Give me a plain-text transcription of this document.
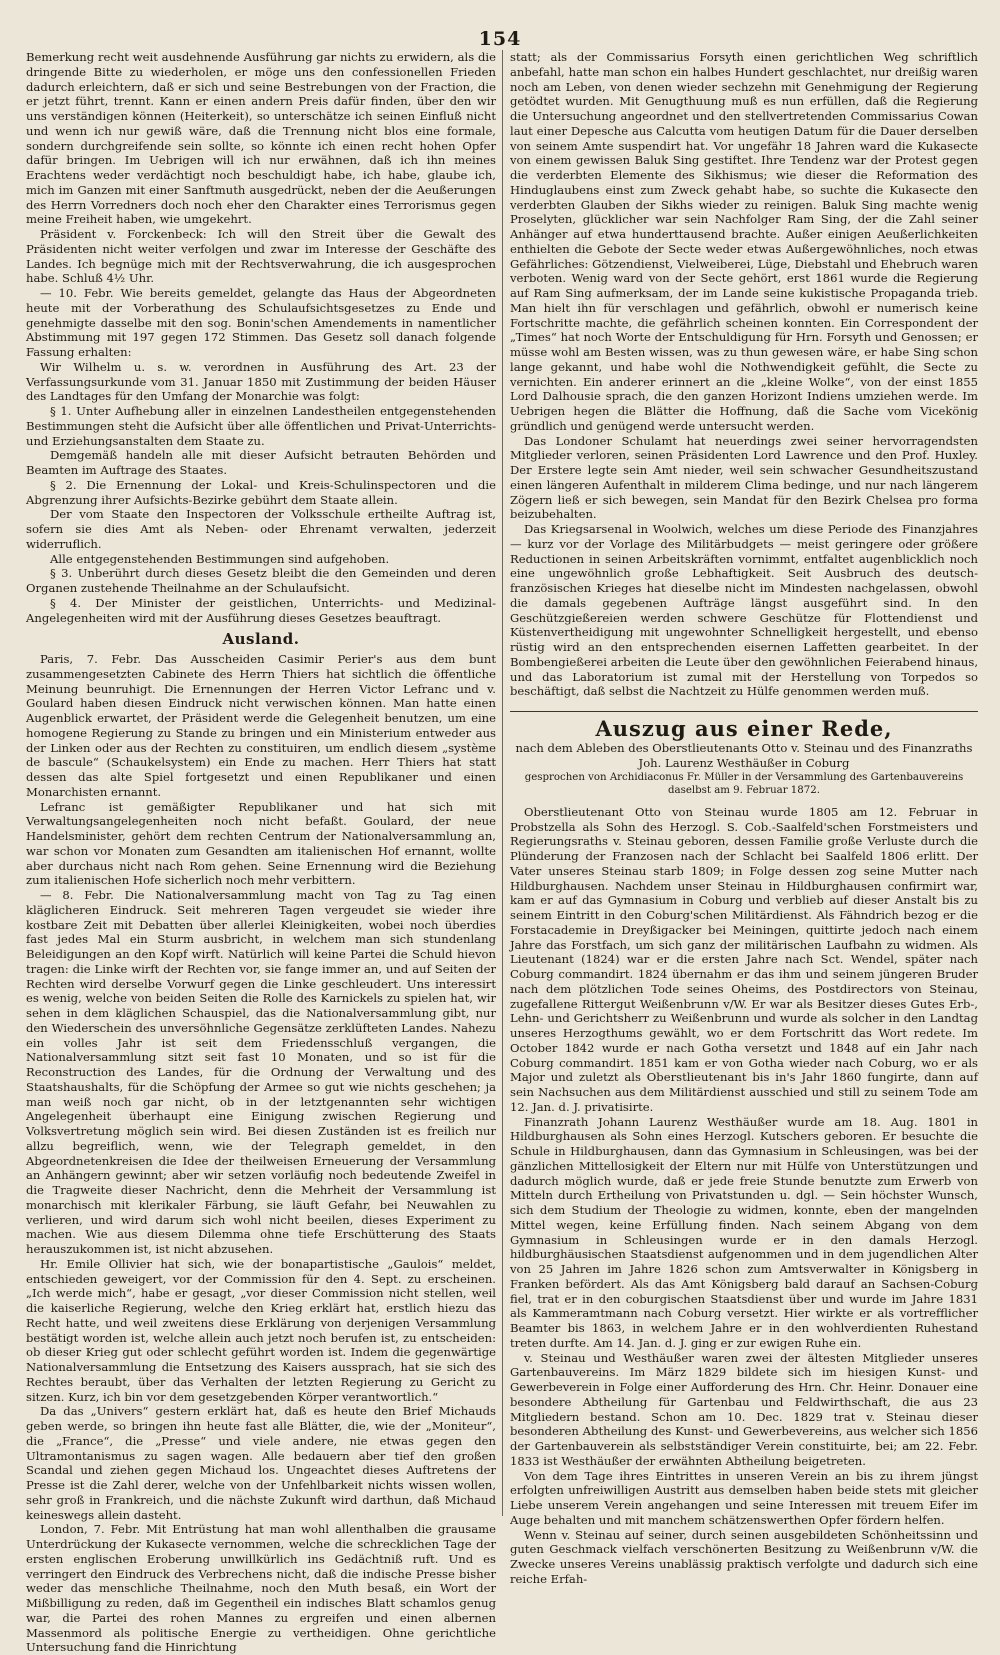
154

Bemerkung recht weit ausdehnende Ausführung gar nichts zu erwidern, als die dringende Bitte zu wiederholen, er möge uns den confessionellen Frieden dadurch erleichtern, daß er sich und seine Bestrebungen von der Fraction, die er jetzt führt, trennt. Kann er einen andern Preis dafür finden, über den wir uns verständigen können (Heiterkeit), so unterschätze ich seinen Einfluß nicht und wenn ich nur gewiß wäre, daß die Trennung nicht blos eine formale, sondern durchgreifende sein sollte, so könnte ich einen recht hohen Opfer dafür bringen. Im Uebrigen will ich nur erwähnen, daß ich ihn meines Erachtens weder verdächtigt noch beschuldigt habe, ich habe, glaube ich, mich im Ganzen mit einer Sanftmuth ausgedrückt, neben der die Aeußerungen des Herrn Vorredners doch noch eher den Charakter eines Terrorismus gegen meine Freiheit haben, wie umgekehrt.

Präsident v. Forckenbeck: Ich will den Streit über die Gewalt des Präsidenten nicht weiter verfolgen und zwar im Interesse der Geschäfte des Landes. Ich begnüge mich mit der Rechtsverwahrung, die ich ausgesprochen habe. Schluß 4½ Uhr.

— 10. Febr. Wie bereits gemeldet, gelangte das Haus der Abgeordneten heute mit der Vorberathung des Schulaufsichtsgesetzes zu Ende und genehmigte dasselbe mit den sog. Bonin'schen Amendements in namentlicher Abstimmung mit 197 gegen 172 Stimmen. Das Gesetz soll danach folgende Fassung erhalten:

Wir Wilhelm u. s. w. verordnen in Ausführung des Art. 23 der Verfassungsurkunde vom 31. Januar 1850 mit Zustimmung der beiden Häuser des Landtages für den Umfang der Monarchie was folgt:

§ 1. Unter Aufhebung aller in einzelnen Landestheilen entgegenstehenden Bestimmungen steht die Aufsicht über alle öffentlichen und Privat-Unterrichts- und Erziehungsanstalten dem Staate zu.

Demgemäß handeln alle mit dieser Aufsicht betrauten Behörden und Beamten im Auftrage des Staates.

§ 2. Die Ernennung der Lokal- und Kreis-Schulinspectoren und die Abgrenzung ihrer Aufsichts-Bezirke gebührt dem Staate allein.

Der vom Staate den Inspectoren der Volksschule ertheilte Auftrag ist, sofern sie dies Amt als Neben- oder Ehrenamt verwalten, jederzeit widerruflich.

Alle entgegenstehenden Bestimmungen sind aufgehoben.

§ 3. Unberührt durch dieses Gesetz bleibt die den Gemeinden und deren Organen zustehende Theilnahme an der Schulaufsicht.

§ 4. Der Minister der geistlichen, Unterrichts- und Medizinal-Angelegenheiten wird mit der Ausführung dieses Gesetzes beauftragt.

Ausland.

Paris, 7. Febr. Das Ausscheiden Casimir Perier's aus dem bunt zusammengesetzten Cabinete des Herrn Thiers hat sichtlich die öffentliche Meinung beunruhigt. Die Ernennungen der Herren Victor Lefranc und v. Goulard haben diesen Eindruck nicht verwischen können. Man hatte einen Augenblick erwartet, der Präsident werde die Gelegenheit benutzen, um eine homogene Regierung zu Stande zu bringen und ein Ministerium entweder aus der Linken oder aus der Rechten zu constituiren, um endlich diesem „système de bascule“ (Schaukelsystem) ein Ende zu machen. Herr Thiers hat statt dessen das alte Spiel fortgesetzt und einen Republikaner und einen Monarchisten ernannt.

Lefranc ist gemäßigter Republikaner und hat sich mit Verwaltungsangelegenheiten noch nicht befaßt. Goulard, der neue Handelsminister, gehört dem rechten Centrum der Nationalversammlung an, war schon vor Monaten zum Gesandten am italienischen Hof ernannt, wollte aber durchaus nicht nach Rom gehen. Seine Ernennung wird die Beziehung zum italienischen Hofe sicherlich noch mehr verbittern.

— 8. Febr. Die Nationalversammlung macht von Tag zu Tag einen kläglicheren Eindruck. Seit mehreren Tagen vergeudet sie wieder ihre kostbare Zeit mit Debatten über allerlei Kleinigkeiten, wobei noch überdies fast jedes Mal ein Sturm ausbricht, in welchem man sich stundenlang Beleidigungen an den Kopf wirft. Natürlich will keine Partei die Schuld hievon tragen: die Linke wirft der Rechten vor, sie fange immer an, und auf Seiten der Rechten wird derselbe Vorwurf gegen die Linke geschleudert. Uns interessirt es wenig, welche von beiden Seiten die Rolle des Karnickels zu spielen hat, wir sehen in dem kläglichen Schauspiel, das die Nationalversammlung gibt, nur den Wiederschein des unversöhnliche Gegensätze zerklüfteten Landes. Nahezu ein volles Jahr ist seit dem Friedensschluß vergangen, die Nationalversammlung sitzt seit fast 10 Monaten, und so ist für die Reconstruction des Landes, für die Ordnung der Verwaltung und des Staatshaushalts, für die Schöpfung der Armee so gut wie nichts geschehen; ja man weiß noch gar nicht, ob in der letztgenannten sehr wichtigen Angelegenheit überhaupt eine Einigung zwischen Regierung und Volksvertretung möglich sein wird. Bei diesen Zuständen ist es freilich nur allzu begreiflich, wenn, wie der Telegraph gemeldet, in den Abgeordnetenkreisen die Idee der theilweisen Erneuerung der Versammlung an Anhängern gewinnt; aber wir setzen vorläufig noch bedeutende Zweifel in die Tragweite dieser Nachricht, denn die Mehrheit der Versammlung ist monarchisch mit klerikaler Färbung, sie läuft Gefahr, bei Neuwahlen zu verlieren, und wird darum sich wohl nicht beeilen, dieses Experiment zu machen. Wie aus diesem Dilemma ohne tiefe Erschütterung des Staats herauszukommen ist, ist nicht abzusehen.

Hr. Emile Ollivier hat sich, wie der bonapartistische „Gaulois“ meldet, entschieden geweigert, vor der Commission für den 4. Sept. zu erscheinen. „Ich werde mich“, habe er gesagt, „vor dieser Commission nicht stellen, weil die kaiserliche Regierung, welche den Krieg erklärt hat, erstlich hiezu das Recht hatte, und weil zweitens diese Erklärung von derjenigen Versammlung bestätigt worden ist, welche allein auch jetzt noch berufen ist, zu entscheiden: ob dieser Krieg gut oder schlecht geführt worden ist. Indem die gegenwärtige Nationalversammlung die Entsetzung des Kaisers aussprach, hat sie sich des Rechtes beraubt, über das Verhalten der letzten Regierung zu Gericht zu sitzen. Kurz, ich bin vor dem gesetzgebenden Körper verantwortlich.“

Da das „Univers“ gestern erklärt hat, daß es heute den Brief Michauds geben werde, so bringen ihn heute fast alle Blätter, die, wie der „Moniteur“, die „France“, die „Presse“ und viele andere, nie etwas gegen den Ultramontanismus zu sagen wagen. Alle bedauern aber tief den großen Scandal und ziehen gegen Michaud los. Ungeachtet dieses Auftretens der Presse ist die Zahl derer, welche von der Unfehlbarkeit nichts wissen wollen, sehr groß in Frankreich, und die nächste Zukunft wird darthun, daß Michaud keineswegs allein dasteht.

London, 7. Febr. Mit Entrüstung hat man wohl allenthalben die grausame Unterdrückung der Kukasecte vernommen, welche die schrecklichen Tage der ersten englischen Eroberung unwillkürlich ins Gedächtniß ruft. Und es verringert den Eindruck des Verbrechens nicht, daß die indische Presse bisher weder das menschliche Theilnahme, noch den Muth besaß, ein Wort der Mißbilligung zu reden, daß im Gegentheil ein indisches Blatt schamlos genug war, die Partei des rohen Mannes zu ergreifen und einen albernen Massenmord als politische Energie zu vertheidigen. Ohne gerichtliche Untersuchung fand die Hinrichtung

statt; als der Commissarius Forsyth einen gerichtlichen Weg schriftlich anbefahl, hatte man schon ein halbes Hundert geschlachtet, nur dreißig waren noch am Leben, von denen wieder sechzehn mit Genehmigung der Regierung getödtet wurden. Mit Genugthuung muß es nun erfüllen, daß die Regierung die Untersuchung angeordnet und den stellvertretenden Commissarius Cowan laut einer Depesche aus Calcutta vom heutigen Datum für die Dauer derselben von seinem Amte suspendirt hat. Vor ungefähr 18 Jahren ward die Kukasecte von einem gewissen Baluk Sing gestiftet. Ihre Tendenz war der Protest gegen die verderbten Elemente des Sikhismus; wie dieser die Reformation des Hinduglaubens einst zum Zweck gehabt habe, so suchte die Kukasecte den verderbten Glauben der Sikhs wieder zu reinigen. Baluk Sing machte wenig Proselyten, glücklicher war sein Nachfolger Ram Sing, der die Zahl seiner Anhänger auf etwa hunderttausend brachte. Außer einigen Aeußerlichkeiten enthielten die Gebote der Secte weder etwas Außergewöhnliches, noch etwas Gefährliches: Götzendienst, Vielweiberei, Lüge, Diebstahl und Ehebruch waren verboten. Wenig ward von der Secte gehört, erst 1861 wurde die Regierung auf Ram Sing aufmerksam, der im Lande seine kukistische Propaganda trieb. Man hielt ihn für verschlagen und gefährlich, obwohl er numerisch keine Fortschritte machte, die gefährlich scheinen konnten. Ein Correspondent der „Times“ hat noch Worte der Entschuldigung für Hrn. Forsyth und Genossen; er müsse wohl am Besten wissen, was zu thun gewesen wäre, er habe Sing schon lange gekannt, und habe wohl die Nothwendigkeit gefühlt, die Secte zu vernichten. Ein anderer erinnert an die „kleine Wolke“, von der einst 1855 Lord Dalhousie sprach, die den ganzen Horizont Indiens umziehen werde. Im Uebrigen hegen die Blätter die Hoffnung, daß die Sache vom Vicekönig gründlich und genügend werde untersucht werden.

Das Londoner Schulamt hat neuerdings zwei seiner hervorragendsten Mitglieder verloren, seinen Präsidenten Lord Lawrence und den Prof. Huxley. Der Erstere legte sein Amt nieder, weil sein schwacher Gesundheitszustand einen längeren Aufenthalt in milderem Clima bedinge, und nur nach längerem Zögern ließ er sich bewegen, sein Mandat für den Bezirk Chelsea pro forma beizubehalten.

Das Kriegsarsenal in Woolwich, welches um diese Periode des Finanzjahres — kurz vor der Vorlage des Militärbudgets — meist geringere oder größere Reductionen in seinen Arbeitskräften vornimmt, entfaltet augenblicklich noch eine ungewöhnlich große Lebhaftigkeit. Seit Ausbruch des deutsch-französischen Krieges hat dieselbe nicht im Mindesten nachgelassen, obwohl die damals gegebenen Aufträge längst ausgeführt sind. In den Geschützgießereien werden schwere Geschütze für Flottendienst und Küstenvertheidigung mit ungewohnter Schnelligkeit hergestellt, und ebenso rüstig wird an den entsprechenden eisernen Laffetten gearbeitet. In der Bombengießerei arbeiten die Leute über den gewöhnlichen Feierabend hinaus, und das Laboratorium ist zumal mit der Herstellung von Torpedos so beschäftigt, daß selbst die Nachtzeit zu Hülfe genommen werden muß.

Auszug aus einer Rede,

nach dem Ableben des Oberstlieutenants Otto v. Steinau und des Finanzraths Joh. Laurenz Westhäußer in Coburg

gesprochen von Archidiaconus Fr. Müller in der Versammlung des Gartenbauvereins daselbst am 9. Februar 1872.

Oberstlieutenant Otto von Steinau wurde 1805 am 12. Februar in Probstzella als Sohn des Herzogl. S. Cob.-Saalfeld'schen Forstmeisters und Regierungsraths v. Steinau geboren, dessen Familie große Verluste durch die Plünderung der Franzosen nach der Schlacht bei Saalfeld 1806 erlitt. Der Vater unseres Steinau starb 1809; in Folge dessen zog seine Mutter nach Hildburghausen. Nachdem unser Steinau in Hildburghausen confirmirt war, kam er auf das Gymnasium in Coburg und verblieb auf dieser Anstalt bis zu seinem Eintritt in den Coburg'schen Militärdienst. Als Fähndrich bezog er die Forstacademie in Dreyßigacker bei Meiningen, quittirte jedoch nach einem Jahre das Forstfach, um sich ganz der militärischen Laufbahn zu widmen. Als Lieutenant (1824) war er die ersten Jahre nach Sct. Wendel, später nach Coburg commandirt. 1824 übernahm er das ihm und seinem jüngeren Bruder nach dem plötzlichen Tode seines Oheims, des Postdirectors von Steinau, zugefallene Rittergut Weißenbrunn v/W. Er war als Besitzer dieses Gutes Erb-, Lehn- und Gerichtsherr zu Weißenbrunn und wurde als solcher in den Landtag unseres Herzogthums gewählt, wo er dem Fortschritt das Wort redete. Im October 1842 wurde er nach Gotha versetzt und 1848 auf ein Jahr nach Coburg commandirt. 1851 kam er von Gotha wieder nach Coburg, wo er als Major und zuletzt als Oberstlieutenant bis in's Jahr 1860 fungirte, dann auf sein Nachsuchen aus dem Militärdienst ausschied und still zu seinem Tode am 12. Jan. d. J. privatisirte.

Finanzrath Johann Laurenz Westhäußer wurde am 18. Aug. 1801 in Hildburghausen als Sohn eines Herzogl. Kutschers geboren. Er besuchte die Schule in Hildburghausen, dann das Gymnasium in Schleusingen, was bei der gänzlichen Mittellosigkeit der Eltern nur mit Hülfe von Unterstützungen und dadurch möglich wurde, daß er jede freie Stunde benutzte zum Erwerb von Mitteln durch Ertheilung von Privatstunden u. dgl. — Sein höchster Wunsch, sich dem Studium der Theologie zu widmen, konnte, eben der mangelnden Mittel wegen, keine Erfüllung finden. Nach seinem Abgang von dem Gymnasium in Schleusingen wurde er in den damals Herzogl. hildburghäusischen Staatsdienst aufgenommen und in dem jugendlichen Alter von 25 Jahren im Jahre 1826 schon zum Amtsverwalter in Königsberg in Franken befördert. Als das Amt Königsberg bald darauf an Sachsen-Coburg fiel, trat er in den coburgischen Staatsdienst über und wurde im Jahre 1831 als Kammeramtmann nach Coburg versetzt. Hier wirkte er als vortrefflicher Beamter bis 1863, in welchem Jahre er in den wohlverdienten Ruhestand treten durfte. Am 14. Jan. d. J. ging er zur ewigen Ruhe ein.

v. Steinau und Westhäußer waren zwei der ältesten Mitglieder unseres Gartenbauvereins. Im März 1829 bildete sich im hiesigen Kunst- und Gewerbeverein in Folge einer Aufforderung des Hrn. Chr. Heinr. Donauer eine besondere Abtheilung für Gartenbau und Feldwirthschaft, die aus 23 Mitgliedern bestand. Schon am 10. Dec. 1829 trat v. Steinau dieser besonderen Abtheilung des Kunst- und Gewerbevereins, aus welcher sich 1856 der Gartenbauverein als selbstständiger Verein constituirte, bei; am 22. Febr. 1833 ist Westhäußer der erwähnten Abtheilung beigetreten.

Von dem Tage ihres Eintrittes in unseren Verein an bis zu ihrem jüngst erfolgten unfreiwilligen Austritt aus demselben haben beide stets mit gleicher Liebe unserem Verein angehangen und seine Interessen mit treuem Eifer im Auge behalten und mit manchem schätzenswerthen Opfer fördern helfen.

Wenn v. Steinau auf seiner, durch seinen ausgebildeten Schönheitssinn und guten Geschmack vielfach verschönerten Besitzung zu Weißenbrunn v/W. die Zwecke unseres Vereins unablässig praktisch verfolgte und dadurch sich eine reiche Erfah-
